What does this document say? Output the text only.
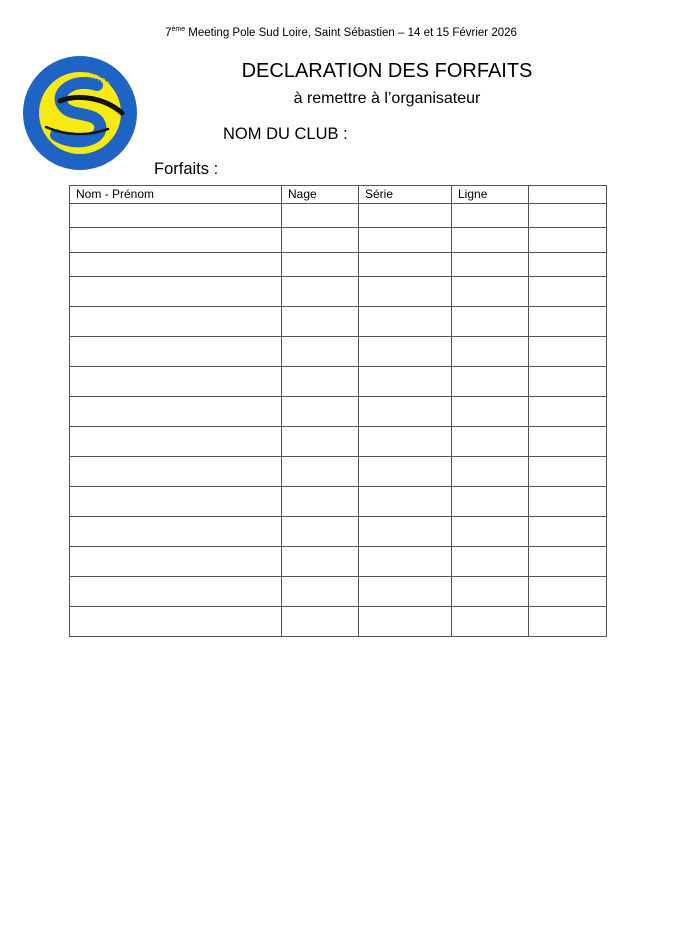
7ème Meeting Pole Sud Loire, Saint Sébastien – 14 et 15 Février 2026
LE SEBASTIEN NATATION
DECLARATION DES FORFAITS
à remettre à l’organisateur
NOM DU CLUB :
Forfaits :
Nom - Prénom	Nage	Série	Ligne	
